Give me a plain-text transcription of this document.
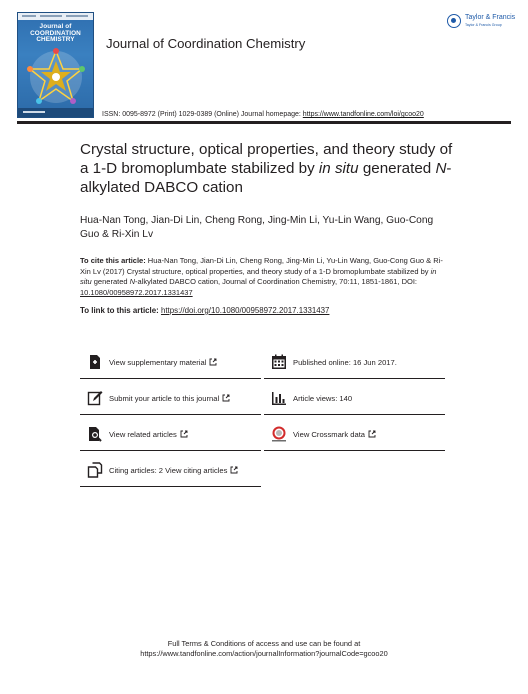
Journal of
COORDINATION
CHEMISTRY	Journal of Coordination Chemistry
Taylor & Francis
Taylor & Francis Group
ISSN: 0095-8972 (Print) 1029-0389 (Online) Journal homepage: https://www.tandfonline.com/loi/gcoo20
Crystal structure, optical properties, and theory study of a 1-D bromoplumbate stabilized by in situ generated N-alkylated DABCO cation
Hua-Nan Tong, Jian-Di Lin, Cheng Rong, Jing-Min Li, Yu-Lin Wang, Guo-Cong Guo & Ri-Xin Lv
To cite this article: Hua-Nan Tong, Jian-Di Lin, Cheng Rong, Jing-Min Li, Yu-Lin Wang, Guo-Cong Guo & Ri-Xin Lv (2017) Crystal structure, optical properties, and theory study of a 1-D bromoplumbate stabilized by in situ generated N-alkylated DABCO cation, Journal of Coordination Chemistry, 70:11, 1851-1861, DOI: 10.1080/00958972.2017.1331437
To link to this article: https://doi.org/10.1080/00958972.2017.1331437
View supplementary material	Published online: 16 Jun 2017.
Submit your article to this journal	Article views: 140
View related articles	View Crossmark data
Citing articles: 2 View citing articles
Full Terms & Conditions of access and use can be found at
https://www.tandfonline.com/action/journalInformation?journalCode=gcoo20
